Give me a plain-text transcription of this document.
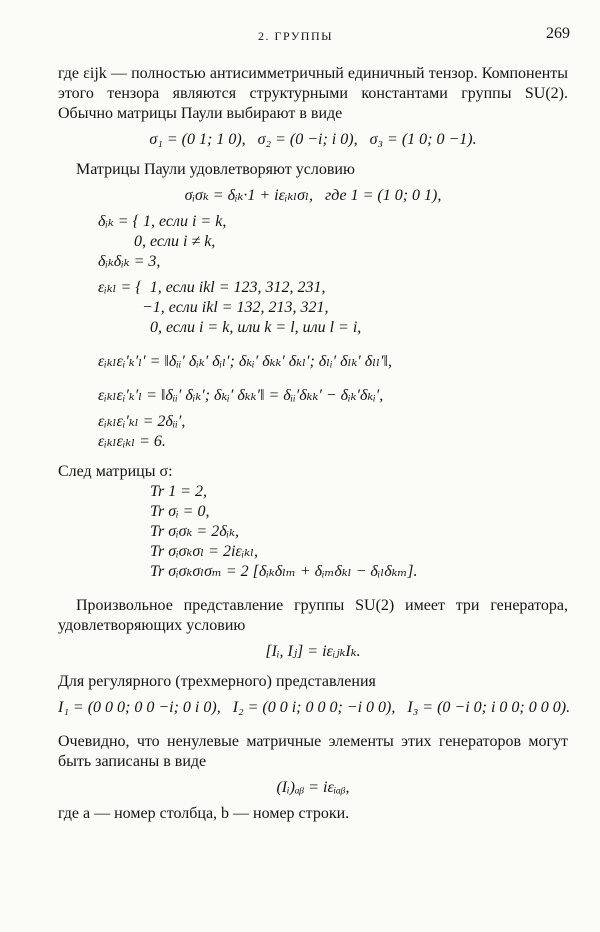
2. ГРУППЫ	269

где εijk — полностью антисимметричный единичный тензор. Компоненты этого тензора являются структурными константами группы SU(2). Обычно матрицы Паули выбирают в виде

σ₁ = (0 1; 1 0),   σ₂ = (0 −i; i 0),   σ₃ = (1 0; 0 −1).

Матрицы Паули удовлетворяют условию

σᵢσₖ = δᵢₖ·1 + iεᵢₖₗσₗ,   где 1 = (1 0; 0 1),

δᵢₖ = { 1, если i = k,

0, если i ≠ k,

δᵢₖδᵢₖ = 3,

εᵢₖₗ = {  1, если ikl = 123, 312, 231,

−1, если ikl = 132, 213, 321,

0, если i = k, или k = l, или l = i,

εᵢₖₗεᵢ′ₖ′ₗ′ = ‖δᵢᵢ′ δᵢₖ′ δᵢₗ′; δₖᵢ′ δₖₖ′ δₖₗ′; δₗᵢ′ δₗₖ′ δₗₗ′‖,

εᵢₖₗεᵢ′ₖ′ₗ = ‖δᵢᵢ′ δᵢₖ′; δₖᵢ′ δₖₖ′‖ = δᵢᵢ′δₖₖ′ − δᵢₖ′δₖᵢ′,

εᵢₖₗεᵢ′ₖₗ = 2δᵢᵢ′,

εᵢₖₗεᵢₖₗ = 6.

След матрицы σ:

Tr 1 = 2,

Tr σᵢ = 0,

Tr σᵢσₖ = 2δᵢₖ,

Tr σᵢσₖσₗ = 2iεᵢₖₗ,

Tr σᵢσₖσₗσₘ = 2 [δᵢₖδₗₘ + δᵢₘδₖₗ − δᵢₗδₖₘ].

Произвольное представление группы SU(2) имеет три генератора, удовлетворяющих условию

[Iᵢ, Iⱼ] = iεᵢⱼₖIₖ.

Для регулярного (трехмерного) представления

I₁ = (0 0 0; 0 0 −i; 0 i 0),   I₂ = (0 0 i; 0 0 0; −i 0 0),   I₃ = (0 −i 0; i 0 0; 0 0 0).

Очевидно, что ненулевые матричные элементы этих генераторов могут быть записаны в виде

(Iᵢ)ₐᵦ = iεᵢₐᵦ,

где a — номер столбца, b — номер строки.
